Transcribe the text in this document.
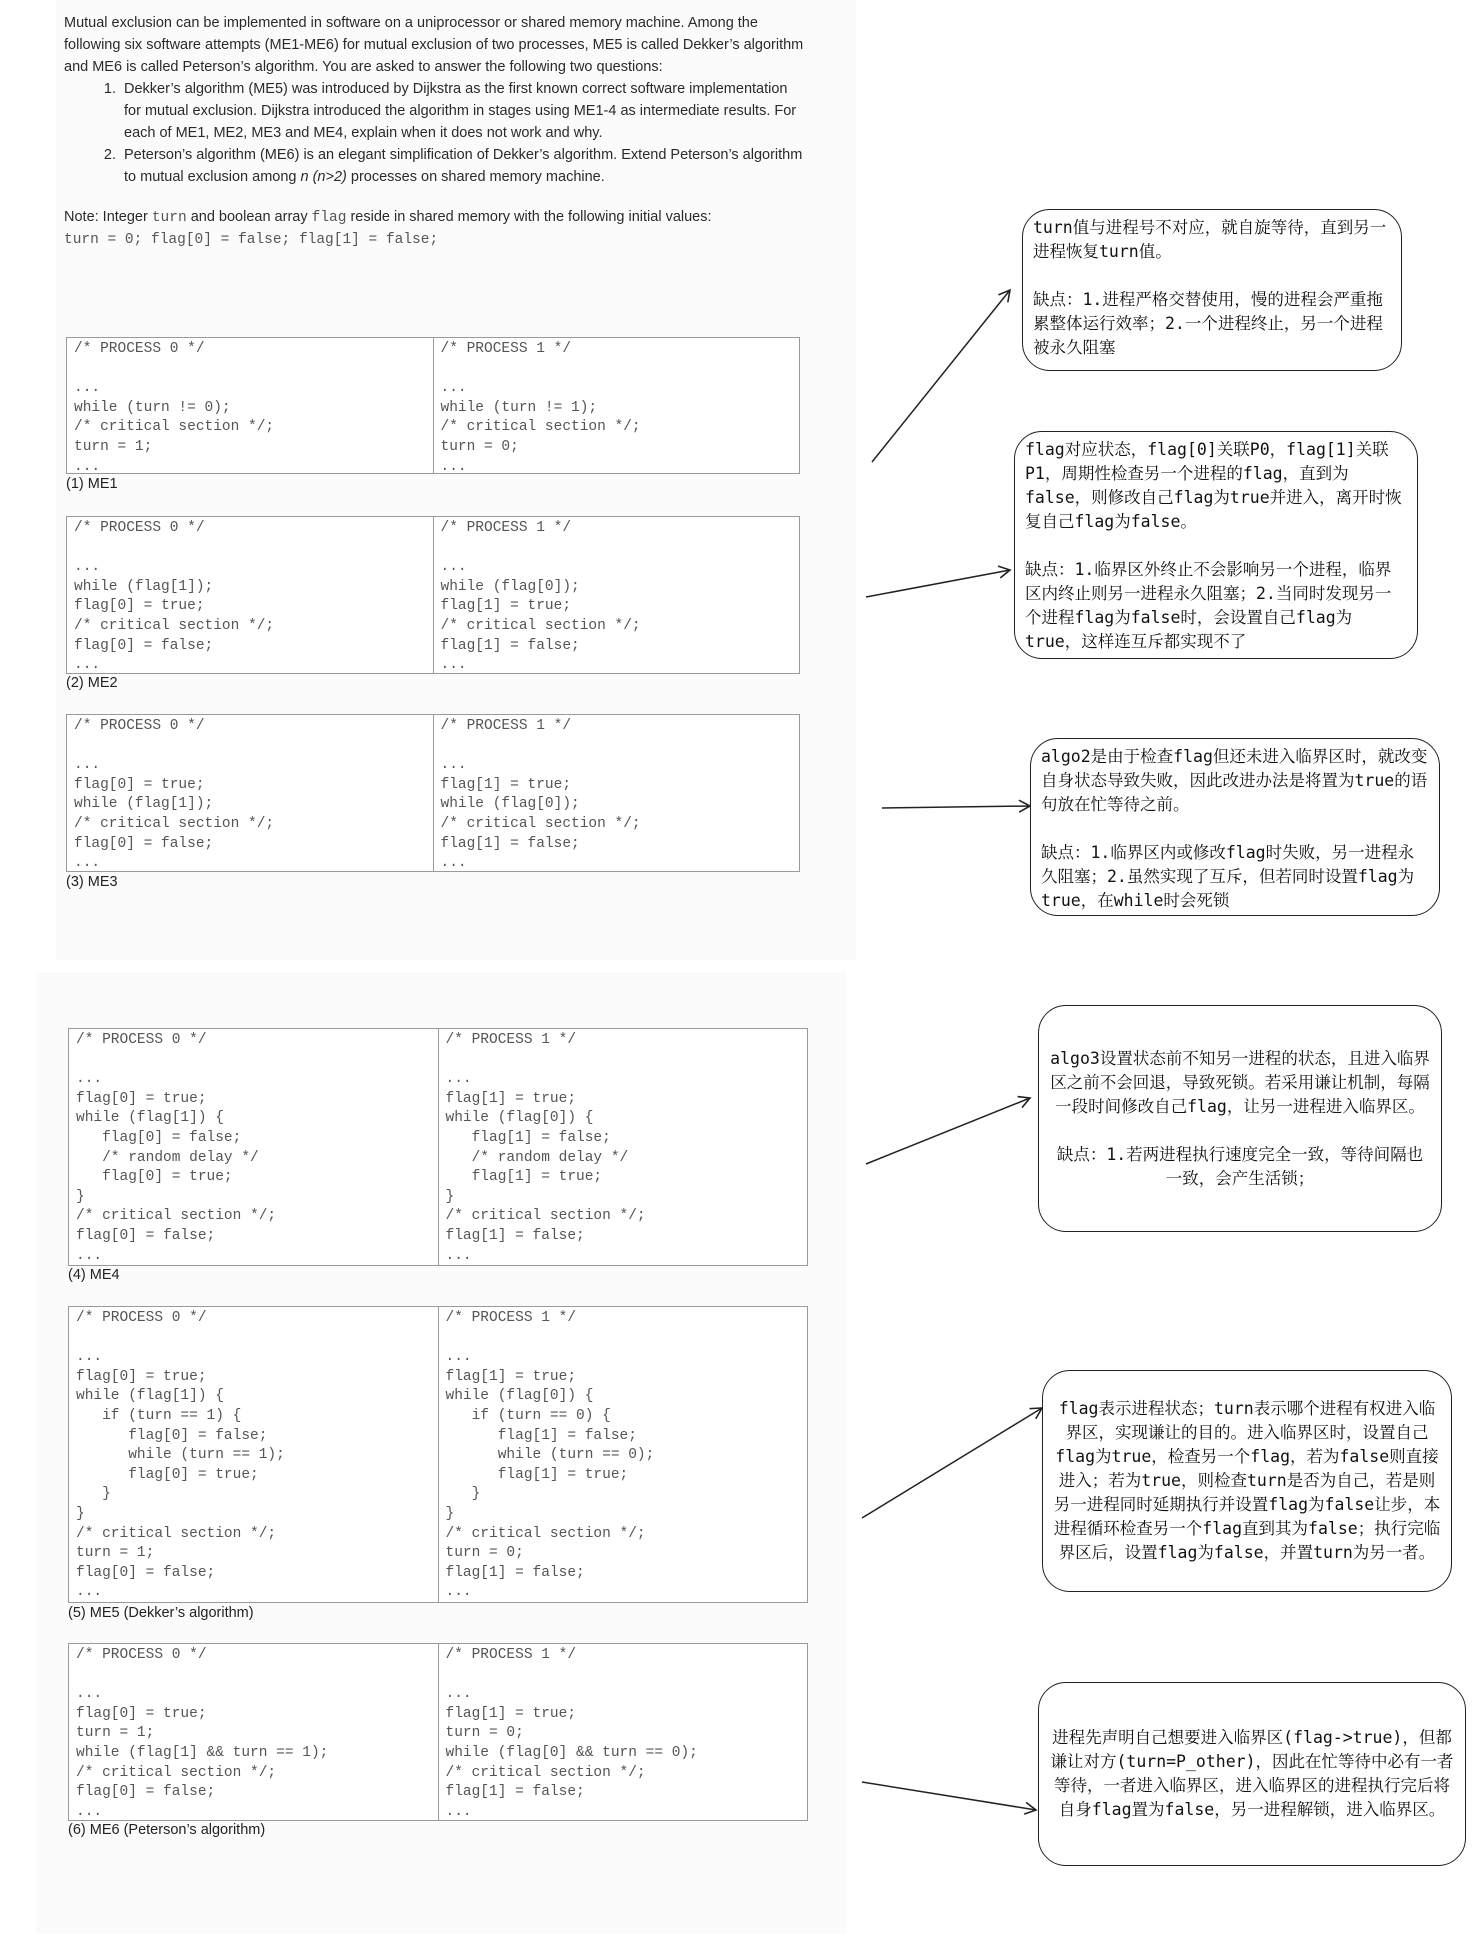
Mutual exclusion can be implemented in software on a uniprocessor or shared memory machine. Among the following six software attempts (ME1-ME6) for mutual exclusion of two processes, ME5 is called Dekker’s algorithm and ME6 is called Peterson’s algorithm. You are asked to answer the following two questions:

1. Dekker’s algorithm (ME5) was introduced by Dijkstra as the first known correct software implementation for mutual exclusion. Dijkstra introduced the algorithm in stages using ME1-4 as intermediate results. For each of ME1, ME2, ME3 and ME4, explain when it does not work and why.
2. Peterson’s algorithm (ME6) is an elegant simplification of Dekker’s algorithm. Extend Peterson’s algorithm to mutual exclusion among n (n>2) processes on shared memory machine.

Note: Integer turn and boolean array flag reside in shared memory with the following initial values:

turn = 0; flag[0] = false; flag[1] = false;

/* PROCESS 0 */

...
while (turn != 0);
/* critical section */;
turn = 1;
...
/* PROCESS 1 */

...
while (turn != 1);
/* critical section */;
turn = 0;
...
(1) ME1
/* PROCESS 0 */

...
while (flag[1]);
flag[0] = true;
/* critical section */;
flag[0] = false;
...
/* PROCESS 1 */

...
while (flag[0]);
flag[1] = true;
/* critical section */;
flag[1] = false;
...
(2) ME2
/* PROCESS 0 */

...
flag[0] = true;
while (flag[1]);
/* critical section */;
flag[0] = false;
...
/* PROCESS 1 */

...
flag[1] = true;
while (flag[0]);
/* critical section */;
flag[1] = false;
...
(3) ME3
/* PROCESS 0 */

...
flag[0] = true;
while (flag[1]) {
flag[0] = false;
/* random delay */
flag[0] = true;
}
/* critical section */;
flag[0] = false;
...
/* PROCESS 1 */

...
flag[1] = true;
while (flag[0]) {
flag[1] = false;
/* random delay */
flag[1] = true;
}
/* critical section */;
flag[1] = false;
...
(4) ME4
/* PROCESS 0 */

...
flag[0] = true;
while (flag[1]) {
if (turn == 1) {
flag[0] = false;
while (turn == 1);
flag[0] = true;
}
}
/* critical section */;
turn = 1;
flag[0] = false;
...
/* PROCESS 1 */

...
flag[1] = true;
while (flag[0]) {
if (turn == 0) {
flag[1] = false;
while (turn == 0);
flag[1] = true;
}
}
/* critical section */;
turn = 0;
flag[1] = false;
...
(5) ME5 (Dekker’s algorithm)
/* PROCESS 0 */

...
flag[0] = true;
turn = 1;
while (flag[1] && turn == 1);
/* critical section */;
flag[0] = false;
...
/* PROCESS 1 */

...
flag[1] = true;
turn = 0;
while (flag[0] && turn == 0);
/* critical section */;
flag[1] = false;
...
(6) ME6 (Peterson’s algorithm)

turn值与进程号不对应，就自旋等待，直到另一进程恢复turn值。

缺点：1.进程严格交替使用，慢的进程会严重拖累整体运行效率；2.一个进程终止，另一个进程被永久阻塞

flag对应状态，flag[0]关联P0，flag[1]关联P1，周期性检查另一个进程的flag，直到为false，则修改自己flag为true并进入，离开时恢复自己flag为false。

缺点：1.临界区外终止不会影响另一个进程，临界区内终止则另一进程永久阻塞；2.当同时发现另一个进程flag为false时，会设置自己flag为true，这样连互斥都实现不了

algo2是由于检查flag但还未进入临界区时，就改变自身状态导致失败，因此改进办法是将置为true的语句放在忙等待之前。

缺点：1.临界区内或修改flag时失败，另一进程永久阻塞；2.虽然实现了互斥，但若同时设置flag为true，在while时会死锁

algo3设置状态前不知另一进程的状态，且进入临界区之前不会回退，导致死锁。若采用谦让机制，每隔一段时间修改自己flag，让另一进程进入临界区。

缺点：1.若两进程执行速度完全一致，等待间隔也一致，会产生活锁；

flag表示进程状态；turn表示哪个进程有权进入临界区，实现谦让的目的。进入临界区时，设置自己flag为true，检查另一个flag，若为false则直接进入；若为true，则检查turn是否为自己，若是则另一进程同时延期执行并设置flag为false让步，本进程循环检查另一个flag直到其为false；执行完临界区后，设置flag为false，并置turn为另一者。

进程先声明自己想要进入临界区(flag->true)，但都谦让对方(turn=P_other)，因此在忙等待中必有一者等待，一者进入临界区，进入临界区的进程执行完后将自身flag置为false，另一进程解锁，进入临界区。
